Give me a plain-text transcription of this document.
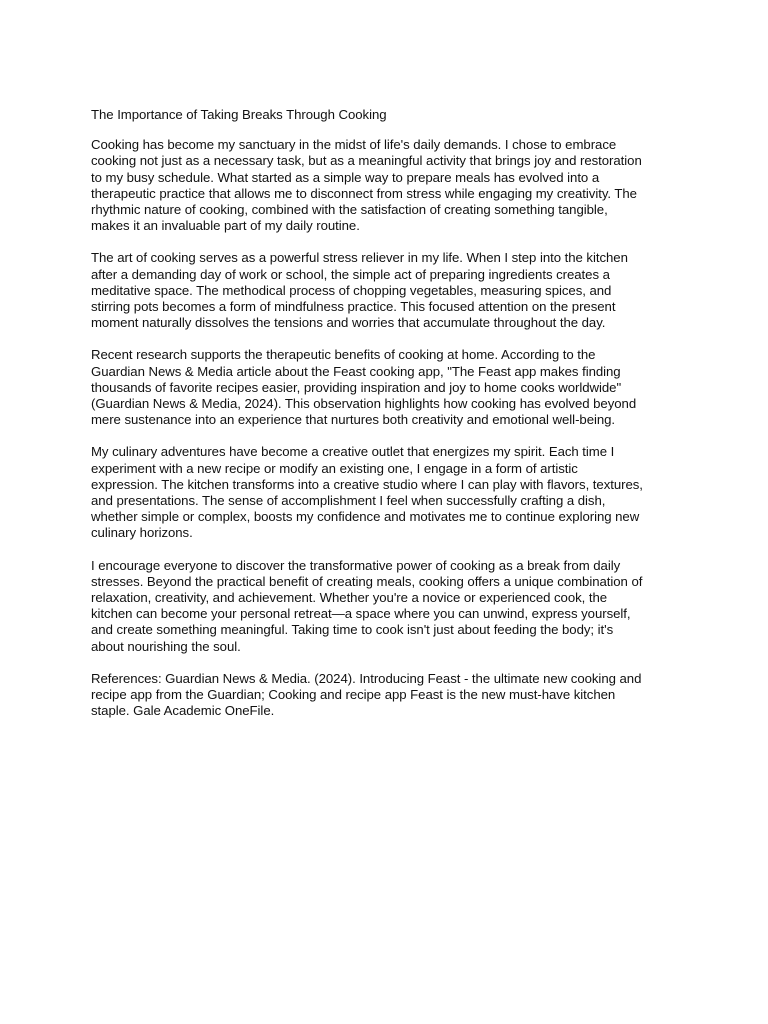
The Importance of Taking Breaks Through Cooking
Cooking has become my sanctuary in the midst of life's daily demands. I chose to embrace
cooking not just as a necessary task, but as a meaningful activity that brings joy and restoration
to my busy schedule. What started as a simple way to prepare meals has evolved into a
therapeutic practice that allows me to disconnect from stress while engaging my creativity. The
rhythmic nature of cooking, combined with the satisfaction of creating something tangible,
makes it an invaluable part of my daily routine.
The art of cooking serves as a powerful stress reliever in my life. When I step into the kitchen
after a demanding day of work or school, the simple act of preparing ingredients creates a
meditative space. The methodical process of chopping vegetables, measuring spices, and
stirring pots becomes a form of mindfulness practice. This focused attention on the present
moment naturally dissolves the tensions and worries that accumulate throughout the day.
Recent research supports the therapeutic benefits of cooking at home. According to the
Guardian News & Media article about the Feast cooking app, "The Feast app makes finding
thousands of favorite recipes easier, providing inspiration and joy to home cooks worldwide"
(Guardian News & Media, 2024). This observation highlights how cooking has evolved beyond
mere sustenance into an experience that nurtures both creativity and emotional well-being.
My culinary adventures have become a creative outlet that energizes my spirit. Each time I
experiment with a new recipe or modify an existing one, I engage in a form of artistic
expression. The kitchen transforms into a creative studio where I can play with flavors, textures,
and presentations. The sense of accomplishment I feel when successfully crafting a dish,
whether simple or complex, boosts my confidence and motivates me to continue exploring new
culinary horizons.
I encourage everyone to discover the transformative power of cooking as a break from daily
stresses. Beyond the practical benefit of creating meals, cooking offers a unique combination of
relaxation, creativity, and achievement. Whether you're a novice or experienced cook, the
kitchen can become your personal retreat—a space where you can unwind, express yourself,
and create something meaningful. Taking time to cook isn't just about feeding the body; it's
about nourishing the soul.
References: Guardian News & Media. (2024). Introducing Feast - the ultimate new cooking and
recipe app from the Guardian; Cooking and recipe app Feast is the new must-have kitchen
staple. Gale Academic OneFile.
